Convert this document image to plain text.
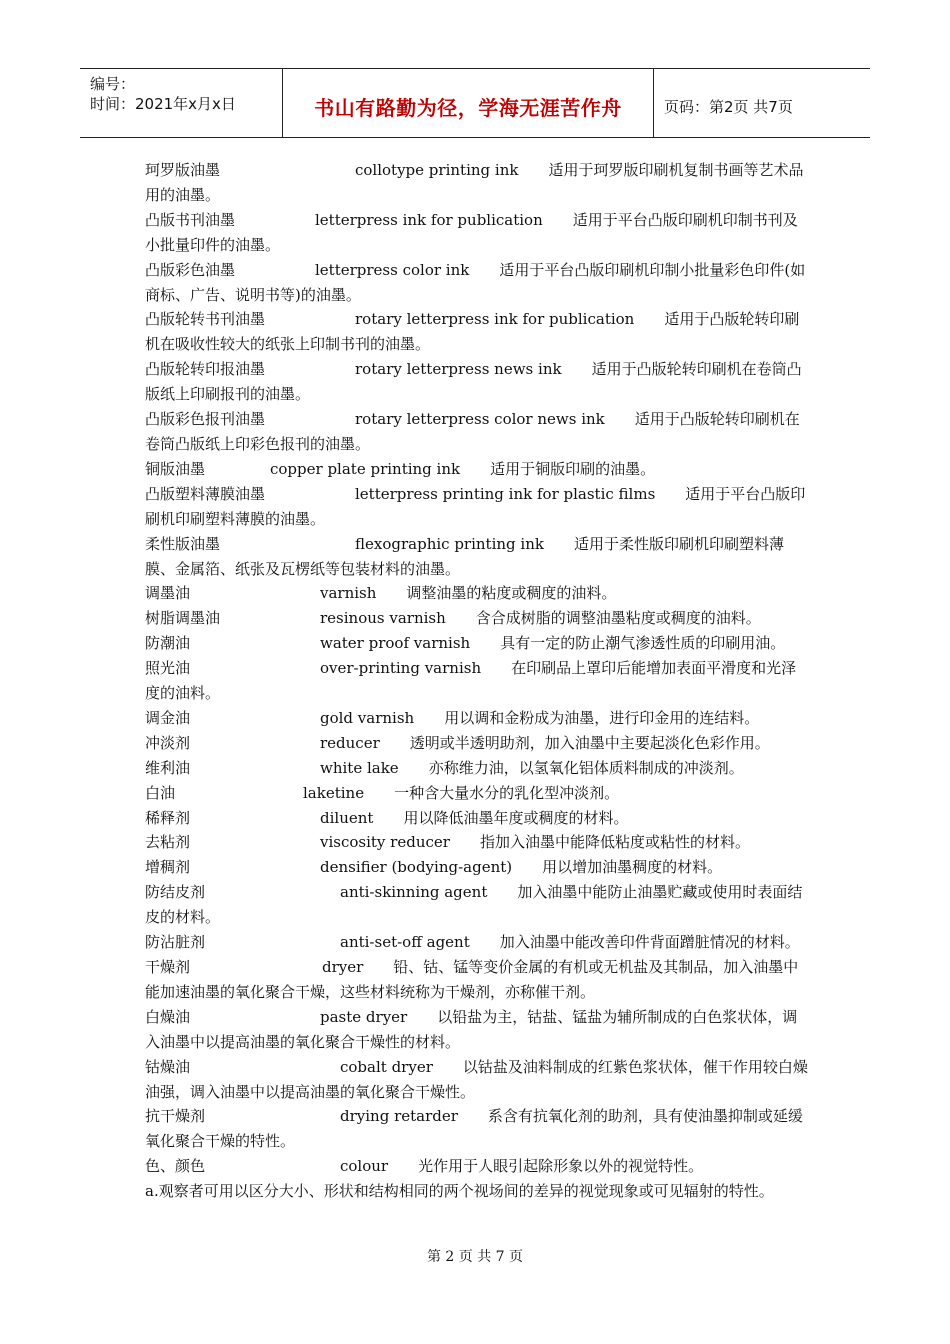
编号：
时间：2021年x月x日	书山有路勤为径，学海无涯苦作舟	页码：第2页 共7页

珂罗版油墨	collotype printing ink 适用于珂罗版印刷机复制书画等艺术品用的油墨。

凸版书刊油墨	letterpress ink for publication 适用于平台凸版印刷机印制书刊及小批量印件的油墨。

凸版彩色油墨	letterpress color ink 适用于平台凸版印刷机印制小批量彩色印件(如商标、广告、说明书等)的油墨。

凸版轮转书刊油墨	rotary letterpress ink for publication 适用于凸版轮转印刷机在吸收性较大的纸张上印制书刊的油墨。

凸版轮转印报油墨	rotary letterpress news ink 适用于凸版轮转印刷机在卷筒凸版纸上印刷报刊的油墨。

凸版彩色报刊油墨	rotary letterpress color news ink 适用于凸版轮转印刷机在卷筒凸版纸上印彩色报刊的油墨。

铜版油墨	copper plate printing ink 适用于铜版印刷的油墨。

凸版塑料薄膜油墨	letterpress printing ink for plastic films 适用于平台凸版印刷机印刷塑料薄膜的油墨。

柔性版油墨	flexographic printing ink 适用于柔性版印刷机印刷塑料薄膜、金属箔、纸张及瓦楞纸等包装材料的油墨。

调墨油	varnish 调整油墨的粘度或稠度的油料。

树脂调墨油	resinous varnish 含合成树脂的调整油墨粘度或稠度的油料。

防潮油	water proof varnish 具有一定的防止潮气渗透性质的印刷用油。

照光油	over-printing varnish 在印刷品上罩印后能增加表面平滑度和光泽度的油料。

调金油	gold varnish 用以调和金粉成为油墨，进行印金用的连结料。

冲淡剂	reducer 透明或半透明助剂，加入油墨中主要起淡化色彩作用。

维利油	white lake 亦称维力油，以氢氧化铝体质料制成的冲淡剂。

白油	laketine 一种含大量水分的乳化型冲淡剂。

稀释剂	diluent 用以降低油墨年度或稠度的材料。

去粘剂	viscosity reducer 指加入油墨中能降低粘度或粘性的材料。

增稠剂	densifier (bodying-agent) 用以增加油墨稠度的材料。

防结皮剂	anti-skinning agent 加入油墨中能防止油墨贮藏或使用时表面结皮的材料。

防沾脏剂	anti-set-off agent 加入油墨中能改善印件背面蹭脏情况的材料。

干燥剂	dryer 铅、钴、锰等变价金属的有机或无机盐及其制品，加入油墨中能加速油墨的氧化聚合干燥，这些材料统称为干燥剂，亦称催干剂。

白燥油	paste dryer 以铅盐为主，钴盐、锰盐为辅所制成的白色浆状体，调入油墨中以提高油墨的氧化聚合干燥性的材料。

钴燥油	cobalt dryer 以钴盐及油料制成的红紫色浆状体，催干作用较白燥油强，调入油墨中以提高油墨的氧化聚合干燥性。

抗干燥剂	drying retarder 系含有抗氧化剂的助剂，具有使油墨抑制或延缓氧化聚合干燥的特性。

色、颜色	colour 光作用于人眼引起除形象以外的视觉特性。

a.观察者可用以区分大小、形状和结构相同的两个视场间的差异的视觉现象或可见辐射的特性。

第 2 页 共 7 页
